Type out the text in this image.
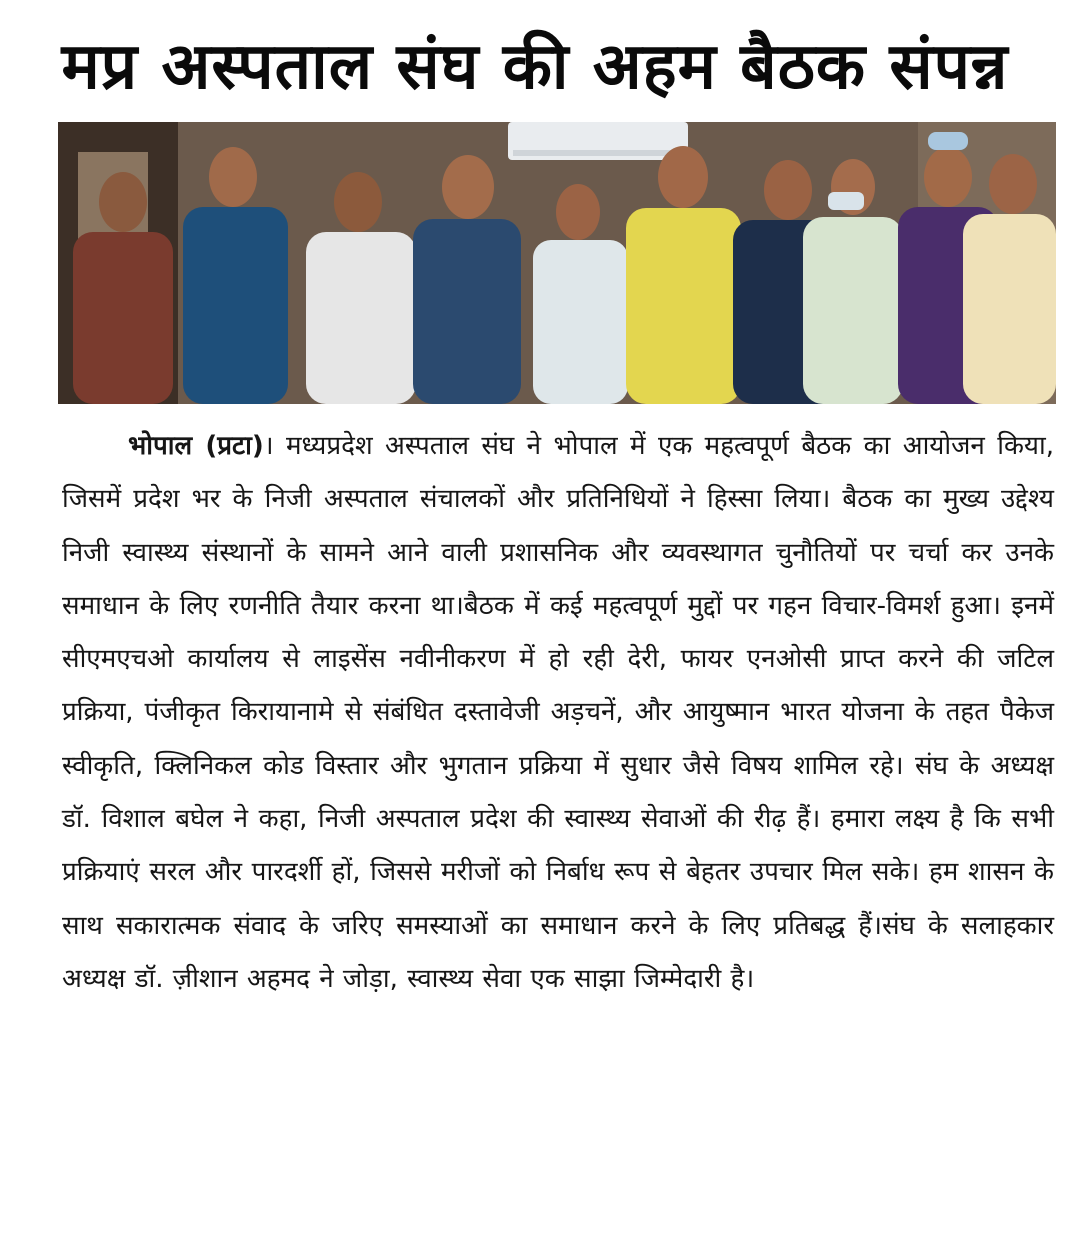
मप्र अस्पताल संघ की अहम बैठक संपन्न

भोपाल (प्रटा)। मध्यप्रदेश अस्पताल संघ ने भोपाल में एक महत्वपूर्ण बैठक का आयोजन किया, जिसमें प्रदेश भर के निजी अस्पताल संचालकों और प्रतिनिधियों ने हिस्सा लिया। बैठक का मुख्य उद्देश्य निजी स्वास्थ्य संस्थानों के सामने आने वाली प्रशासनिक और व्यवस्थागत चुनौतियों पर चर्चा कर उनके समाधान के लिए रणनीति तैयार करना था।बैठक में कई महत्वपूर्ण मुद्दों पर गहन विचार-विमर्श हुआ। इनमें सीएमएचओ कार्यालय से लाइसेंस नवीनीकरण में हो रही देरी, फायर एनओसी प्राप्त करने की जटिल प्रक्रिया, पंजीकृत किरायानामे से संबंधित दस्तावेजी अड़चनें, और आयुष्मान भारत योजना के तहत पैकेज स्वीकृति, क्लिनिकल कोड विस्तार और भुगतान प्रक्रिया में सुधार जैसे विषय शामिल रहे। संघ के अध्यक्ष डॉ. विशाल बघेल ने कहा, निजी अस्पताल प्रदेश की स्वास्थ्य सेवाओं की रीढ़ हैं। हमारा लक्ष्य है कि सभी प्रक्रियाएं सरल और पारदर्शी हों, जिससे मरीजों को निर्बाध रूप से बेहतर उपचार मिल सके। हम शासन के साथ सकारात्मक संवाद के जरिए समस्याओं का समाधान करने के लिए प्रतिबद्ध हैं।संघ के सलाहकार अध्यक्ष डॉ. ज़ीशान अहमद ने जोड़ा, स्वास्थ्य सेवा एक साझा जिम्मेदारी है।
